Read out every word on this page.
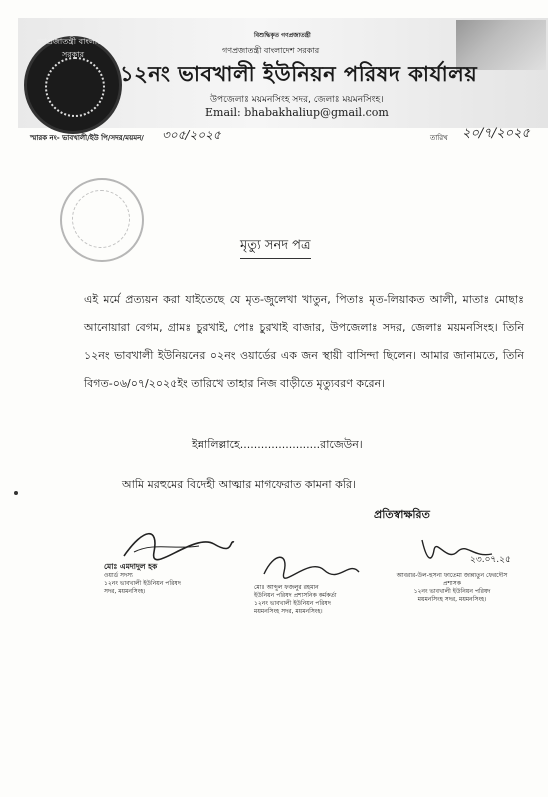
গণপ্রজাতন্ত্রী বাংলাদেশ সরকার
বিশুদ্ধিকৃত গণপ্রজাতন্ত্রী
গণপ্রজাতন্ত্রী বাংলাদেশ সরকার
১২নং ভাবখালী ইউনিয়ন পরিষদ কার্যালয়
উপজেলাঃ ময়মনসিংহ সদর, জেলাঃ ময়মনসিংহ।
Email: bhabakhaliup@gmail.com
স্মারক নং- ভাবখালী/ইউ পি/সদর/ময়মন/ ৩০৫/২০২৫	তারিখ ২০/৭/২০২৫
মৃত্যু সনদ পত্র
এই মর্মে প্রত্যয়ন করা যাইতেছে যে মৃত-জুলেখা খাতুন, পিতাঃ মৃত-লিয়াকত আলী, মাতাঃ মোছাঃ আনোয়ারা বেগম, গ্রামঃ চুরখাই, পোঃ চুরখাই বাজার, উপজেলাঃ সদর, জেলাঃ ময়মনসিংহ। তিনি ১২নং ভাবখালী ইউনিয়নের ০২নং ওয়ার্ডের এক জন স্থায়ী বাসিন্দা ছিলেন। আমার জানামতে, তিনি বিগত-০৬/০৭/২০২৫ইং তারিখে তাহার নিজ বাড়ীতে মৃত্যুবরণ করেন।
ইন্নালিল্লাহে.......................রাজেউন।
আমি মরহুমের বিদেহী আত্মার মাগফেরাত কামনা করি।
প্রতিস্বাক্ষরিত
মোঃ এমদাদুল হক
ওয়ার্ড সদস্য
১২নং ভাবখালী ইউনিয়ন পরিষদ
সদর, ময়মনসিংহ।
মোঃ আব্দুল ফজলুর রহমান
ইউনিয়ন পরিষদ প্রশাসনিক কর্মকর্তা
১২নং ভাবখালী ইউনিয়ন পরিষদ
ময়মনসিংহ সদর, ময়মনসিংহ।
২৩.০৭.২৫
আবরার-উল-হুসনা ফাতেমা জান্নাতুন ফেরদৌস
প্রশাসক
১২নং ভাবখালী ইউনিয়ন পরিষদ
ময়মনসিংহ সদর, ময়মনসিংহ।
